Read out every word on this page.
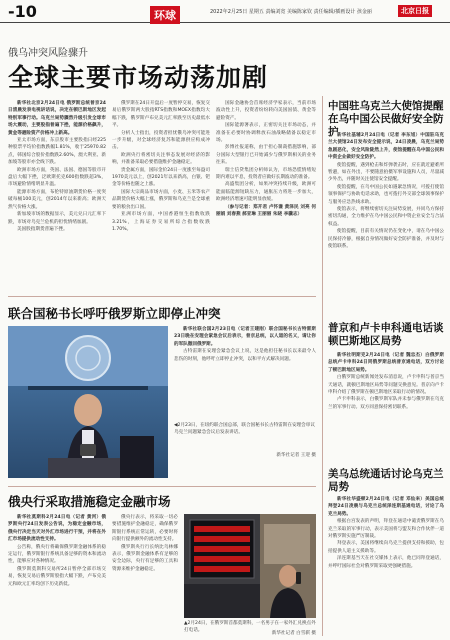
-10	环球	2022年2月25日 星期五 责编刘宽 美编陈家钦 责任编辑/插画设计 孩金丽	北京日报
俄乌冲突风险骤升
全球主要市场动荡加剧

新华社北京2月24日电 俄罗斯总统普京24日清晨发表电视讲话说，决定在顿巴斯地区发起特别军事行动。乌克兰局势骤然升级引发全球市场大震动，主要股指普遍下挫，能源价格飙升，黄金等避险资产价格冲上新高。

亚太市场方面，东京股市主要股指日经225种股票平均价指数跌幅1.81%，收于25970.82点，韩国综合股价指数跌2.60%，澳大利亚、新加坡等股市亦全线下跌。

欧洲市场方面，英国、法国、德国等股市开盘后大幅下挫，泛欧斯托克600指数跌超3%，市场避险情绪明显升温。

能源市场方面，布伦特原油期货价格一度突破每桶100美元，创2014年以来新高；欧洲天然气价格大涨。

新加坡市场的数据显示，美元兑日元汇率下跌，市场对乌克兰危机的担忧情绪加剧。

美国股指期货普遍下挫。

俄罗斯在24日开盘后一度暂停交易，恢复交易后俄罗斯两大股指RTS指数和MOEX指数均大幅下跌，俄罗斯卢布兑美元汇率跌至历史最低水平。

分析人士指出，投资者担忧俄乌冲突可能进一步升级，对全球经济复苏和能源供应构成冲击。

欧洲央行将密切关注事态发展对经济的影响，并准备采取必要措施维护金融稳定。

贵金属方面，国际金价24日一度涨至每盎司1970美元以上，创2021年以来新高，白银、钯金等价格也随之上涨。

国际大宗商品市场方面，小麦、玉米等农产品期货价格大幅上涨，俄罗斯和乌克兰是全球重要的粮食出口国。

亚洲市场方面，中国香港恒生指数收跌3.21%，上海证券交易所综合指数收跌1.70%。

国际金融协会首席经济学家表示，当前市场波动性上升，投资者纷纷转向美国国债、黄金等避险资产。

国际能源署表示，正密切关注市场动态，并准备在必要时协调释放石油战略储备以稳定市场。

彭博社报道称，由于担心制裁措施影响，部分国际大型银行已开始减少与俄罗斯相关的业务往来。

瑞士信贷集团分析师认为，市场恐慌情绪短期内难以平息，投资者应做好长期波动的准备。

高盛集团分析，如果冲突持续升级，欧洲可能面临能源短缺压力，通胀压力将进一步加大，欧洲经济增速可能明显放缓。

（参与记者：郑开君 卢怀谦 黄泽民 刘亮 何丽娟 刘春燕 郝亚琳 王丽丽 朱晓 李骥志）

中国驻乌克兰大使馆提醒在乌中国公民做好安全防护

新华社基辅2月24日电（记者 李东旭）中国驻乌克兰大使馆24日发布安全提示说，24日凌晨，乌克兰局势急剧恶化，安全风险陡然上升，使馆提醒在乌中国公民和中资企业做好安全防护。

使馆提醒，遇到枪击和炸弹袭击时，应在就近避难所暂避，如在外出，不要随意拍摄军事设施和人员，尽量减少外出，并随时关注使馆安全提醒。

使馆提醒，在乌中国公民如遇紧急情况，可拨打使馆领事保护与协助电话求助，也可拨打外交部全球领事保护与服务应急热线求助。

使馆表示，将继续密切关注局势发展，并同乌方保持密切沟通，全力维护在乌中国公民和中资企业安全与合法权益。

使馆提醒，目前有关情况仍在变化中，请在乌中国公民保持冷静，根据自身情况做好安全防护准备，并及时与使馆联系。

普京和卢卡申科通电话谈顿巴斯地区局势

新华社明斯克2月24日电（记者 魏忠杰）白俄罗斯总统卢卡申科24日同俄罗斯总统普京通电话，双方讨论了顿巴斯地区局势。

白俄罗斯总统新闻处发布消息说，卢卡申科与普京当天通话，就顿巴斯地区局势等问题交换意见。普京向卢卡申科介绍了俄罗斯在顿巴斯地区采取行动的情况。

卢卡申科表示，白俄罗斯军队并未参与俄罗斯在乌克兰的军事行动。双方同意保持密切联系。

美乌总统通话讨论乌克兰局势

新华社华盛顿2月24日电（记者 邓仙来）美国总统拜登24日凌晨与乌克兰总统泽连斯基通电话，讨论了乌克兰局势。

根据白宫发表的声明，拜登在通话中谴责俄罗斯在乌克兰采取的军事行动，表示美国将与盟友和合作伙伴一道对俄罗斯实施严厉制裁。

拜登表示，美国将继续向乌克兰提供支持和援助，包括提供人道主义援助等。

泽连斯基当天在社交媒体上表示，他已同拜登通话，并呼吁国际社会对俄罗斯采取更强硬措施。

联合国秘书长呼吁俄罗斯立即停止冲突

新华社联合国2月23日电（记者王建刚）联合国秘书长古特雷斯23日晚在安理会紧急会议后表示，普京总统，以人道的名义，请让你的军队撤回俄罗斯。

古特雷斯在安理会紧急会议上说，这是他担任秘书长以来最令人悲伤的时刻，他呼吁立即停止冲突，以和平方式解决问题。

◀2月23日，在纽约联合国总部，联合国秘书长古特雷斯在安理会审议乌克兰问题紧急会议后发表讲话。
新华社记者 王迎 摄
俄央行采取措施稳定金融市场

新华社莫斯科2月24日电（记者 黄河）俄罗斯央行24日发表公告说，为稳定金融市场，俄央行决定当天对外汇市场进行干预，并将在外汇市场提供流动性支持。

公告称，俄央行将确保俄罗斯金融体系的稳定运行，俄罗斯银行系统具备足够的资本和流动性，能够应对各种情况。

俄罗斯莫斯科交易所24日暂停全部市场交易，恢复交易后俄罗斯股指大幅下跌，卢布兑美元和欧元汇率均创下历史新低。

俄央行表示，将采取一切必要措施维护金融稳定，确保俄罗斯银行系统正常运转，必要时将向银行提供额外的流动性支持。

俄罗斯央行行长纳比乌林娜表示，俄罗斯金融体系有足够的安全边际，央行有足够的工具和资源来维护金融稳定。

▲2月24日，在俄罗斯首都莫斯科，一名男子在一家外汇兑换点外打电话。
新华社记者 白雪骐 摄
